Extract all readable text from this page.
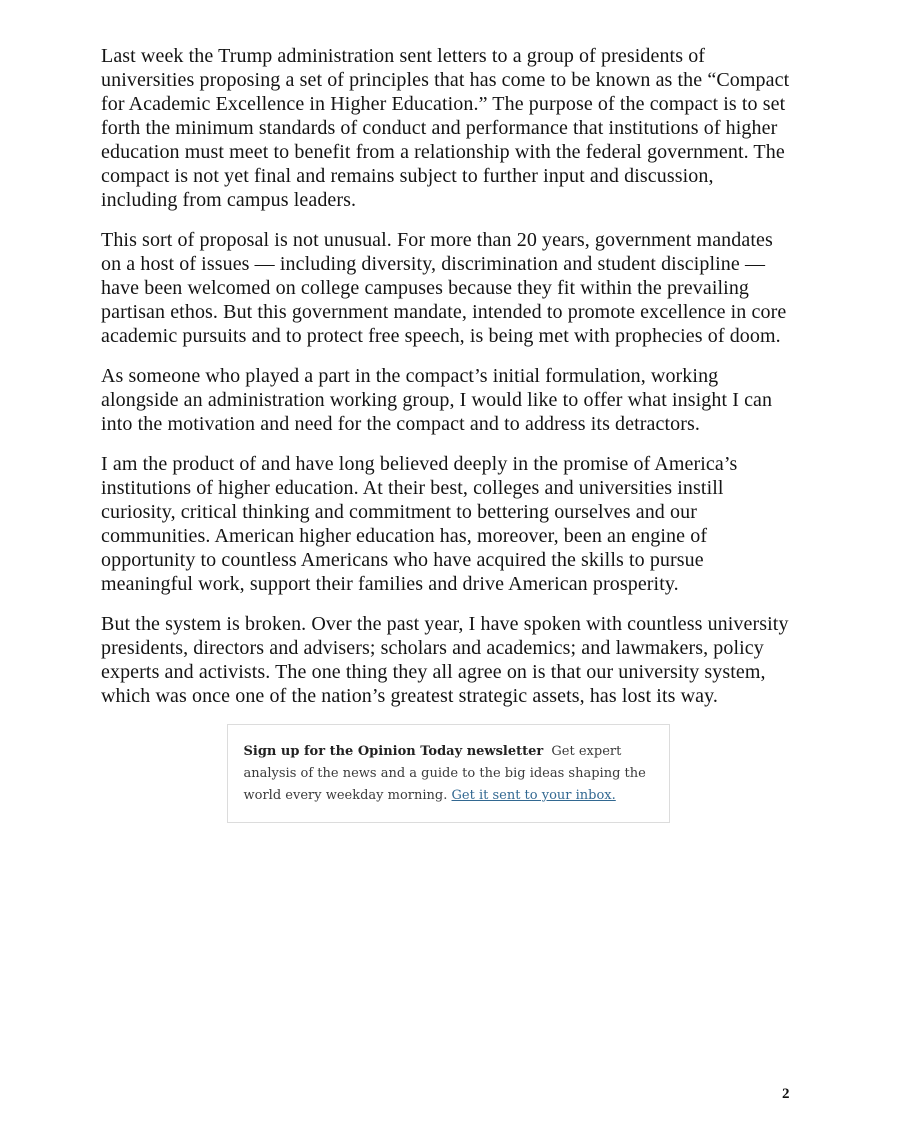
Last week the Trump administration sent letters to a group of presidents of universities proposing a set of principles that has come to be known as the “Compact for Academic Excellence in Higher Education.” The purpose of the compact is to set forth the minimum standards of conduct and performance that institutions of higher education must meet to benefit from a relationship with the federal government. The compact is not yet final and remains subject to further input and discussion, including from campus leaders.

This sort of proposal is not unusual. For more than 20 years, government mandates on a host of issues — including diversity, discrimination and student discipline — have been welcomed on college campuses because they fit within the prevailing partisan ethos. But this government mandate, intended to promote excellence in core academic pursuits and to protect free speech, is being met with prophecies of doom.

As someone who played a part in the compact’s initial formulation, working alongside an administration working group, I would like to offer what insight I can into the motivation and need for the compact and to address its detractors.

I am the product of and have long believed deeply in the promise of America’s institutions of higher education. At their best, colleges and universities instill curiosity, critical thinking and commitment to bettering ourselves and our communities. American higher education has, moreover, been an engine of opportunity to countless Americans who have acquired the skills to pursue meaningful work, support their families and drive American prosperity.

But the system is broken. Over the past year, I have spoken with countless university presidents, directors and advisers; scholars and academics; and lawmakers, policy experts and activists. The one thing they all agree on is that our university system, which was once one of the nation’s greatest strategic assets, has lost its way.

Sign up for the Opinion Today newsletter Get expert analysis of the news and a guide to the big ideas shaping the world every weekday morning. Get it sent to your inbox.
2
